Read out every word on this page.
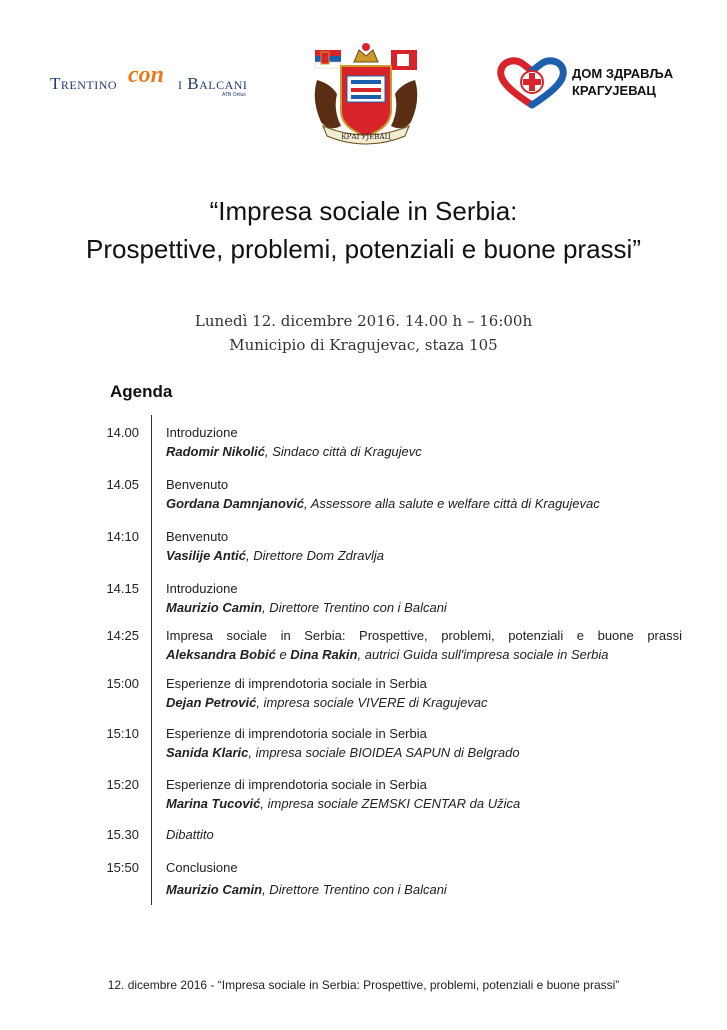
Trentino con i Balcani
ATB Onlus
КРАГУЈЕВАЦ
ДОМ ЗДРАВЉА
КРАГУЈЕВАЦ
“Impresa sociale in Serbia:
Prospettive, problemi, potenziali e buone prassi”
Lunedì 12. dicembre 2016. 14.00 h – 16:00h
Municipio di Kragujevac, staza 105
Agenda
14.00 Introduzione
Radomir Nikolić, Sindaco città di Kragujevc
14.05 Benvenuto
Gordana Damnjanović, Assessore alla salute e welfare città di Kragujevac
14:10 Benvenuto
Vasilije Antić, Direttore Dom Zdravlja
14.15 Introduzione
Maurizio Camin, Direttore Trentino con i Balcani
14:25 Impresa sociale in Serbia: Prospettive, problemi, potenziali e buone prassi
Aleksandra Bobić e Dina Rakin, autrici Guida sull'impresa sociale in Serbia
15:00 Esperienze di imprendotoria sociale in Serbia
Dejan Petrović, impresa sociale VIVERE di Kragujevac
15:10 Esperienze di imprendotoria sociale in Serbia
Sanida Klaric, impresa sociale BIOIDEA SAPUN di Belgrado
15:20 Esperienze di imprendotoria sociale in Serbia
Marina Tucović, impresa sociale ZEMSKI CENTAR da Užica
15.30 Dibattito
15:50 Conclusione
Maurizio Camin, Direttore Trentino con i Balcani
12. dicembre 2016 - “Impresa sociale in Serbia: Prospettive, problemi, potenziali e buone prassi”
